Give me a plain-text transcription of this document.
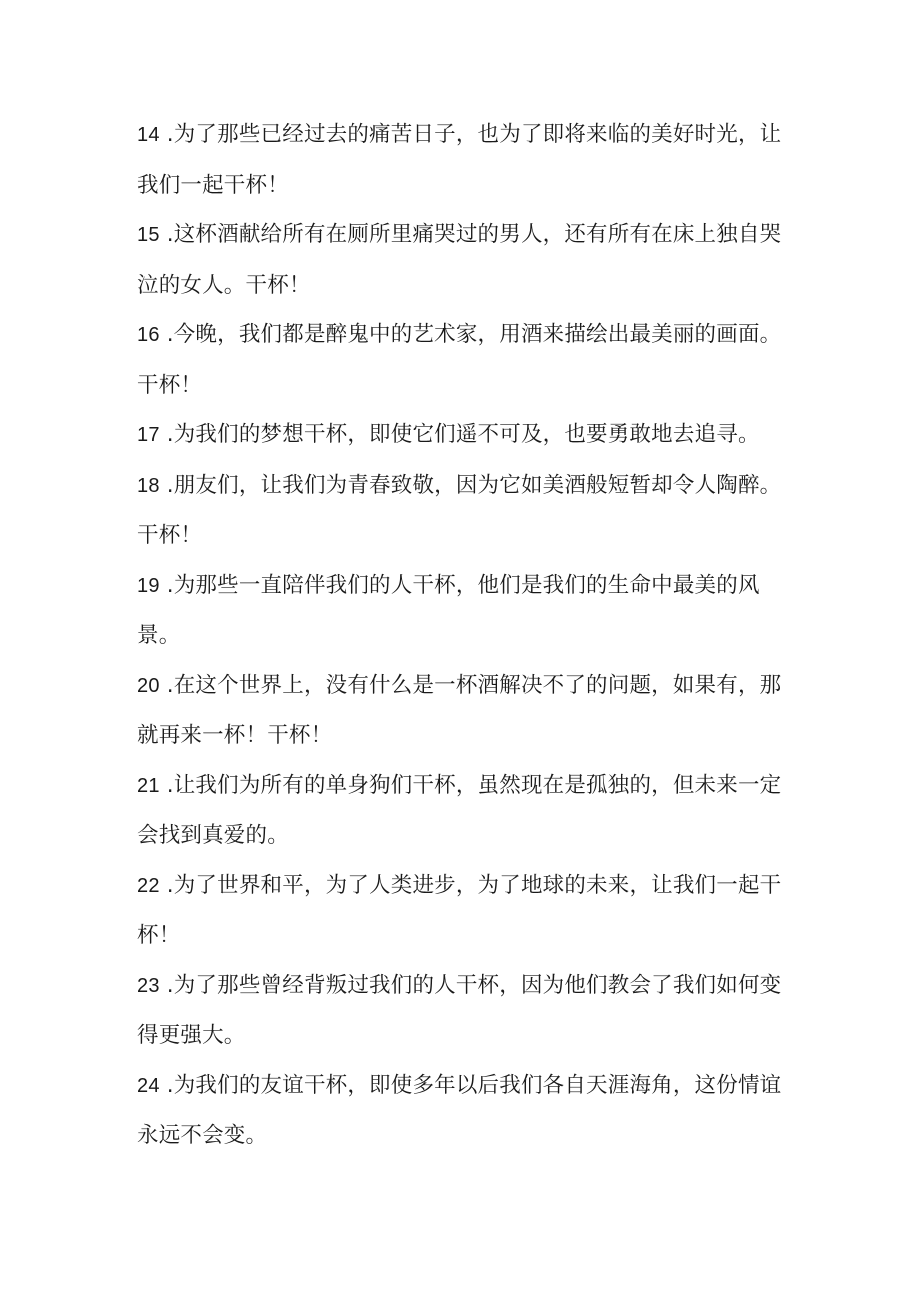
14 .为了那些已经过去的痛苦日子，也为了即将来临的美好时光，让我们一起干杯！

15 .这杯酒献给所有在厕所里痛哭过的男人，还有所有在床上独自哭泣的女人。干杯！

16 .今晚，我们都是醉鬼中的艺术家，用酒来描绘出最美丽的画面。干杯！

17 .为我们的梦想干杯，即使它们遥不可及，也要勇敢地去追寻。

18 .朋友们，让我们为青春致敬，因为它如美酒般短暂却令人陶醉。干杯！

19 .为那些一直陪伴我们的人干杯，他们是我们的生命中最美的风景。

20 .在这个世界上，没有什么是一杯酒解决不了的问题，如果有，那就再来一杯！干杯！

21 .让我们为所有的单身狗们干杯，虽然现在是孤独的，但未来一定会找到真爱的。

22 .为了世界和平，为了人类进步，为了地球的未来，让我们一起干杯！

23 .为了那些曾经背叛过我们的人干杯，因为他们教会了我们如何变得更强大。

24 .为我们的友谊干杯，即使多年以后我们各自天涯海角，这份情谊永远不会变。
